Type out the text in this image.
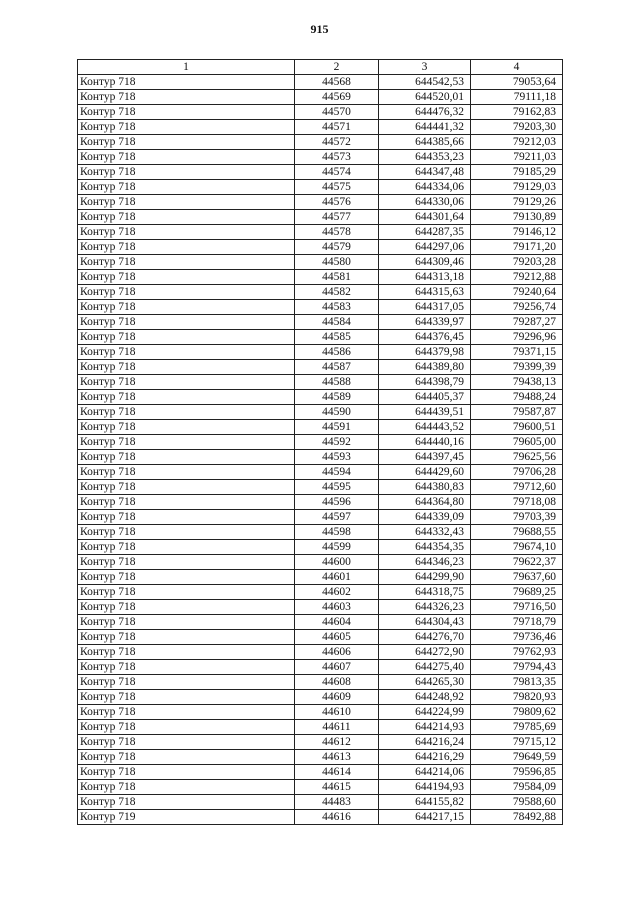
915
1	2	3	4
Контур 718	44568	644542,53	79053,64
Контур 718	44569	644520,01	79111,18
Контур 718	44570	644476,32	79162,83
Контур 718	44571	644441,32	79203,30
Контур 718	44572	644385,66	79212,03
Контур 718	44573	644353,23	79211,03
Контур 718	44574	644347,48	79185,29
Контур 718	44575	644334,06	79129,03
Контур 718	44576	644330,06	79129,26
Контур 718	44577	644301,64	79130,89
Контур 718	44578	644287,35	79146,12
Контур 718	44579	644297,06	79171,20
Контур 718	44580	644309,46	79203,28
Контур 718	44581	644313,18	79212,88
Контур 718	44582	644315,63	79240,64
Контур 718	44583	644317,05	79256,74
Контур 718	44584	644339,97	79287,27
Контур 718	44585	644376,45	79296,96
Контур 718	44586	644379,98	79371,15
Контур 718	44587	644389,80	79399,39
Контур 718	44588	644398,79	79438,13
Контур 718	44589	644405,37	79488,24
Контур 718	44590	644439,51	79587,87
Контур 718	44591	644443,52	79600,51
Контур 718	44592	644440,16	79605,00
Контур 718	44593	644397,45	79625,56
Контур 718	44594	644429,60	79706,28
Контур 718	44595	644380,83	79712,60
Контур 718	44596	644364,80	79718,08
Контур 718	44597	644339,09	79703,39
Контур 718	44598	644332,43	79688,55
Контур 718	44599	644354,35	79674,10
Контур 718	44600	644346,23	79622,37
Контур 718	44601	644299,90	79637,60
Контур 718	44602	644318,75	79689,25
Контур 718	44603	644326,23	79716,50
Контур 718	44604	644304,43	79718,79
Контур 718	44605	644276,70	79736,46
Контур 718	44606	644272,90	79762,93
Контур 718	44607	644275,40	79794,43
Контур 718	44608	644265,30	79813,35
Контур 718	44609	644248,92	79820,93
Контур 718	44610	644224,99	79809,62
Контур 718	44611	644214,93	79785,69
Контур 718	44612	644216,24	79715,12
Контур 718	44613	644216,29	79649,59
Контур 718	44614	644214,06	79596,85
Контур 718	44615	644194,93	79584,09
Контур 718	44483	644155,82	79588,60
Контур 719	44616	644217,15	78492,88
